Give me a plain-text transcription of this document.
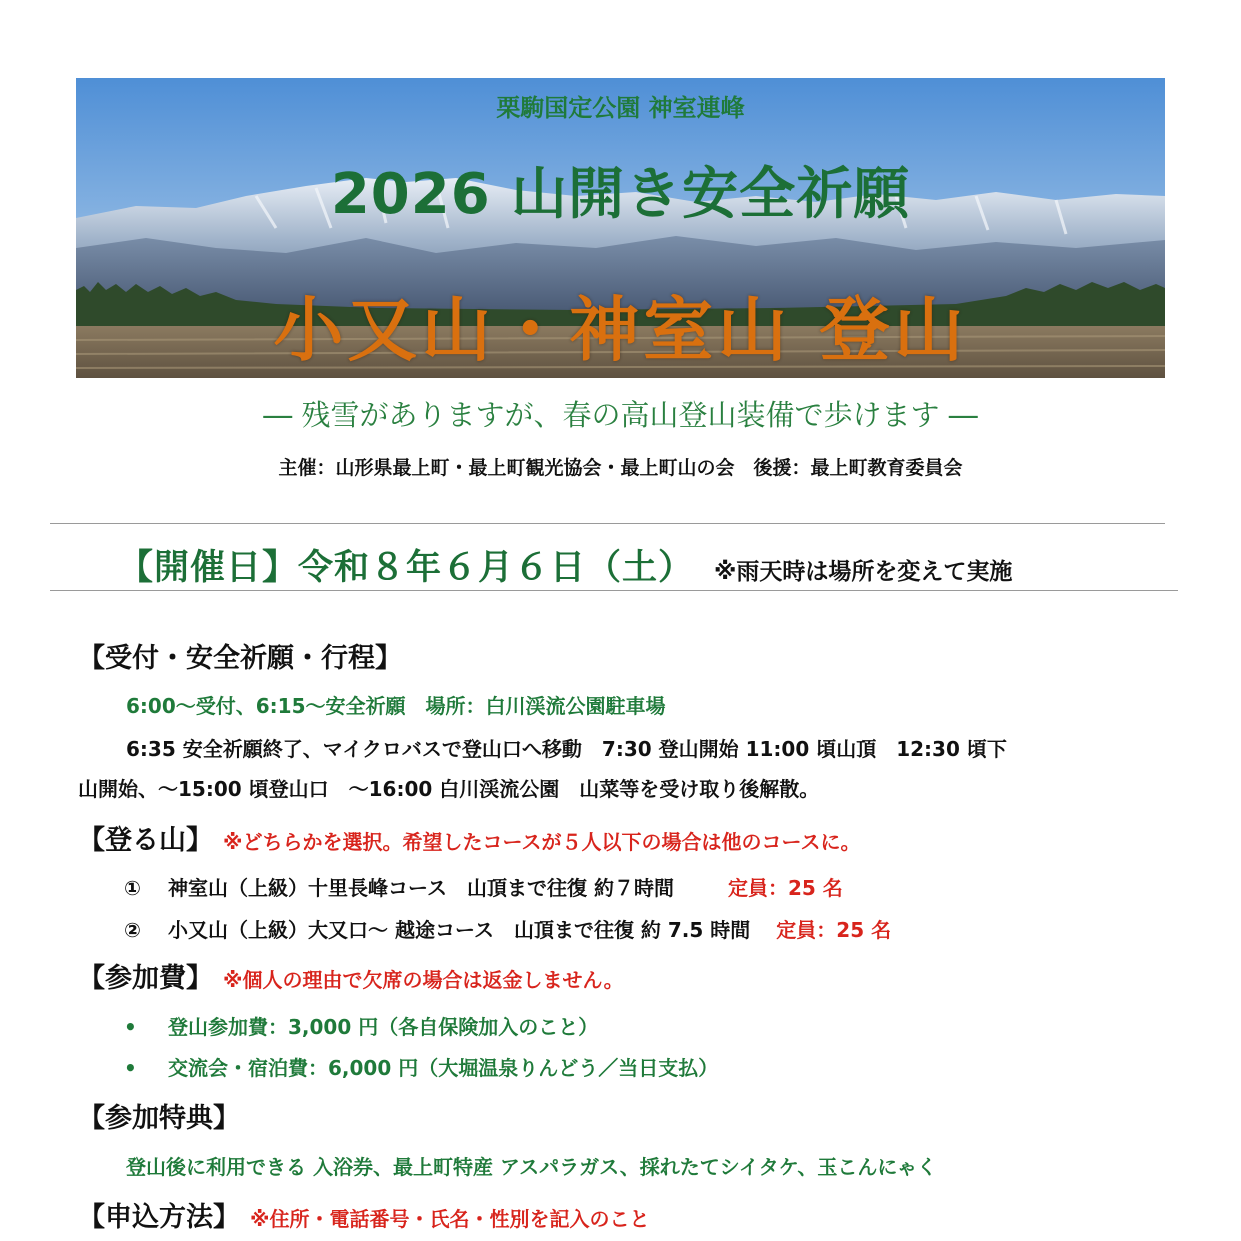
栗駒国定公園 神室連峰
2026 山開き安全祈願
小又山・神室山 登山
― 残雪がありますが、春の高山登山装備で歩けます ―
主催：山形県最上町・最上町観光協会・最上町山の会　後援：最上町教育委員会
【開催日】令和８年６月６日（土） ※雨天時は場所を変えて実施
【受付・安全祈願・行程】
6:00～受付、6:15～安全祈願　場所：白川渓流公園駐車場
6:35 安全祈願終了、マイクロバスで登山口へ移動　7:30 登山開始 11:00 頃山頂　12:30 頃下
山開始、～15:00 頃登山口　～16:00 白川渓流公園　山菜等を受け取り後解散。
【登る山】 ※どちらかを選択。希望したコースが５人以下の場合は他のコースに。
① 神室山（上級）十里長峰コース　山頂まで往復 約７時間	定員：25 名
② 小又山（上級）大又口～ 越途コース　山頂まで往復 約 7.5 時間 定員：25 名
【参加費】 ※個人の理由で欠席の場合は返金しません。
• 登山参加費：3,000 円（各自保険加入のこと）
• 交流会・宿泊費：6,000 円（大堀温泉りんどう／当日支払）
【参加特典】
登山後に利用できる 入浴券、最上町特産 アスパラガス、採れたてシイタケ、玉こんにゃく
【申込方法】 ※住所・電話番号・氏名・性別を記入のこと
